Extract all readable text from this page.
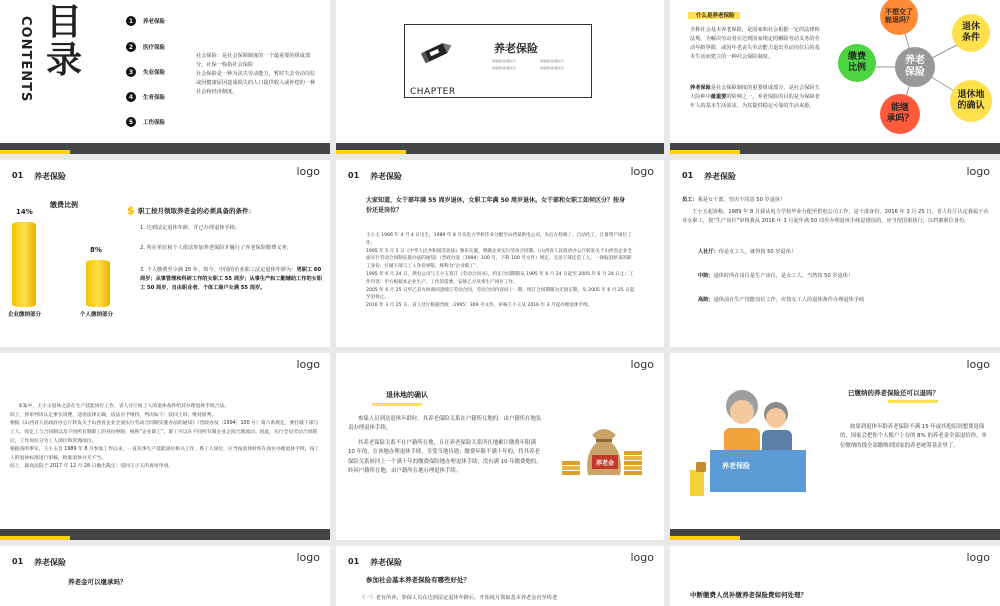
CONTENTS 目录
1	养老保险
2	医疗保险
3	失业保险
4	生育保险
5	工伤保险
社会保险：是社会保障制度的一个最重要的组成部分，社保一般指社会保险
社会保险是一种为丧失劳动能力、暂时失去劳动岗位或因健康原因造成损失的人口提供收入或补偿的一种社会和经济制度。
养老保险
CHAPTER
添加相关标题文字	添加相关标题文字
添加相关标题文字	添加相关标题文字
什么是养老保险
全称社会基本养老保险，是国家和社会根据一定的法律和法规，为解决劳动者在达到国家规定的解除劳动义务的劳动年龄界限，或因年老丧失劳动能力退出劳动岗位后的基本生活而建立的一种社会保险制度。
养老保险是社会保障制度的重要组成部分，是社会保险五大险种中最重要的险种之一。养老保险的目的是为保障老年人的基本生活需求，为其提供稳定可靠的生活来源。
养老
保险
不想交了能退吗？
退休
条件
退休地
的确认
能继
承吗？
缴费
比例
01 养老保险	logo
缴费比例
14%
企业缴纳部分
8%
个人缴纳部分
$ 职工按月领取养老金的必须具备的条件：
1. 达到法定退休年龄，并已办理退休手续；
2. 所在单位和个人依法参加养老保险并履行了养老保险缴费义务；
3. 个人缴费至少满 15 年。如今，中国的企业职工法定退休年龄为：男职工 60 周岁；从事管理和科研工作的女职工 55 周岁；从事生产和工勤辅助工作的女职工 50 周岁，自由职业者、个体工商户女满 55 周岁。
01 养老保险	logo
大家知道，女干部年满 55 周岁退休，女职工年满 50 周岁退休。女干部和女职工如何区分？按身份还是岗位？
王小玉 1966 年 4 月 4 日出生，1989 年 8 月从电力学校毕业分配至山西某供电公司，先后在检修工、自动化工、计量资产岗位工作。
1995 年 5 月 1 日《中华人民共和国劳动法》颁布实施，明确企业实行劳动合同制。《山西省人民政府办公厅转发关于山西省企业全面实行劳动合同制实施办法的通知》（晋政办发〔1994〕100 号，下称 100 号文件）规定，无论干部还是工人，一律取消原来的职工身份，打破干部与工人身份界限，统称为“企业职工”。
1995 年 6 月 24 日，供电公司与王小玉签订《劳动合同书》，约定合同期限从 1995 年 6 月 24 日起至 2005 年 6 月 24 日止；工作内容：甲方根据本企业生产、工作的需要，安排乙方从事生产岗位工作。
2005 年 6 月 25 日甲乙双方协商同意续订劳动合同，劳动合同内容同上一期，续订合同期限为无固定期，从 2005 年 6 月 25 日起至退休止。
2016 年 3 月 25 日，省人社厅根据晋政〔1995〕309 号文件，审核王小玉从 2016 年 3 月起办理退休手续。
01 养老保险	logo
员工：我是女干部，坚决不同意 50 岁退休！
王小玉起诉称，1989 年 8 月我从电力学校毕业分配至供电公司工作，是干部身份。2016 年 3 月 25 日，省人社厅认定我属于企业女职工，按“生产岗位”审核我从 2016 年 3 月起年满 50 周岁办理退休手续是错误的，应当按国策执行，以档案职位身份。
人社厅：你是女工人，就得按 50 岁退休！
中院：退休时所在岗位是生产岗位，是女工人，当然按 50 岁退休！
高院：退休前在生产技能岗位工作，应按女工人的退休条件办理退休手续
logo
本案中，王小玉退休之前在生产技能岗位工作，省人社厅按工人的退休条件给其办理退休手续合法。
综上，原审判决认定事实清楚，适用法律正确，依法应予维持。判决如下：驳回上诉，维持原判。
根据《山西省人民政府办公厅转发关于山西省企业全面实行劳动合同制实施办法的通知》（晋政办发〔1994〕100 号）第六条规定，要打破干部与工人、固定工与合同制以及不同所有制职工的身份界限，统称“企业职工”。职工可以在不同所有制企业之间合理流动。因此，实行全员劳动合同制后，工作岗位分为工人岗位和管理岗位。
根据查明事实，王小玉自 1989 年 8 月参加工作以来，一直从事生产技能岗位相关工作，系工人岗位，应当按退休时所在岗位办理退休手续，按工人的退休标准进行审核，批准退休并无不当。
综上，最高法院于 2017 年 12 月 28 日做出裁定：驳回王小玉的再审申请。
logo
退休地的确认
参保人员到达退休年龄时，其养老保险关系在户籍所在地的，由户籍所在地负责办理退休手续。
其养老保险关系不在户籍所在地，且在养老保险关系所在地累计缴费年限满 10 年的，在该地办理退休手续，享受当地待遇；缴费年限不满十年的，将其养老保险关系转回上一个满十年的缴费保险地办理退休手续；没有满 10 年缴费地的，转回户籍所在地，由户籍所在地办理退休手续。
养老金
logo
已缴纳的养老保险还可以退吗？
如果到退休年龄养老保险不满 15 年或其他原因想要退保的，国家会把你个人账户上存的 8% 的养老金全部退给你。单位缴纳的钱全部缴纳到国家的养老统筹基金里了。
养老保险
01 养老保险	logo
养老金可以继承吗？
01 养老保险	logo
参加社会基本养老保险有哪些好处？
（一）老有所养。参保人员在达到法定退休年龄后，开始按月领取基本养老金直至终老
logo
中断缴费人员补缴养老保险费如何处理？
